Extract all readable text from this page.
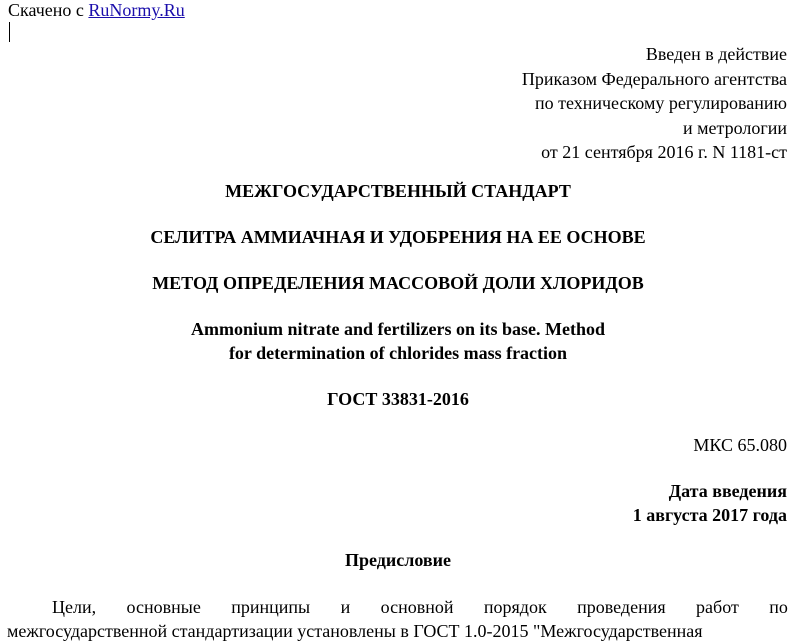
Скачено с RuNormy.Ru
Введен в действие
Приказом Федерального агентства
по техническому регулированию
и метрологии
от 21 сентября 2016 г. N 1181-ст
МЕЖГОСУДАРСТВЕННЫЙ СТАНДАРТ
СЕЛИТРА АММИАЧНАЯ И УДОБРЕНИЯ НА ЕЕ ОСНОВЕ
МЕТОД ОПРЕДЕЛЕНИЯ МАССОВОЙ ДОЛИ ХЛОРИДОВ
Ammonium nitrate and fertilizers on its base. Method
for determination of chlorides mass fraction
ГОСТ 33831-2016
МКС 65.080
Дата введения
1 августа 2017 года
Предисловие
Цели, основные принципы и основной порядок проведения работ по
межгосударственной стандартизации установлены в ГОСТ 1.0-2015 "Межгосударственная
